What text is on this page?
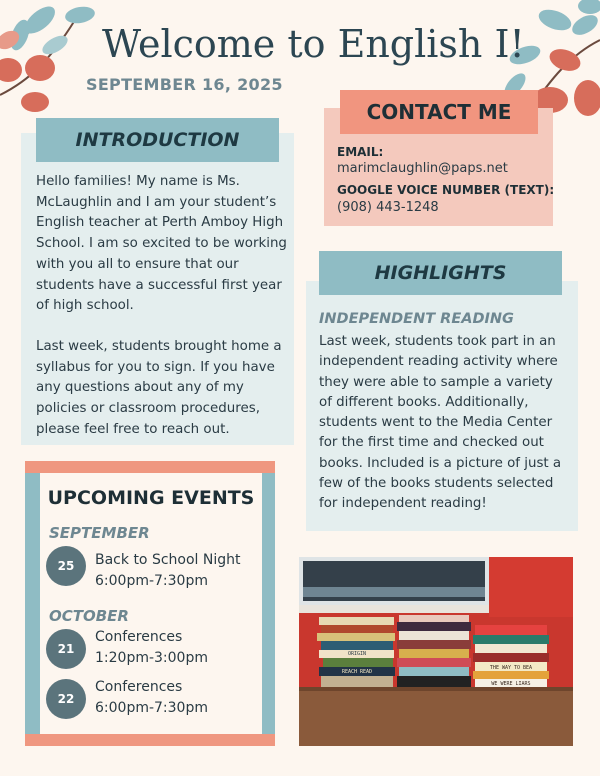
Welcome to English I!
SEPTEMBER 16, 2025
INTRODUCTION

Hello families! My name is Ms. McLaughlin and I am your student’s English teacher at Perth Amboy High School. I am so excited to be working with you all to ensure that our students have a successful first year of high school.

Last week, students brought home a syllabus for you to sign. If you have any questions about any of my policies or classroom procedures, please feel free to reach out.

CONTACT ME
EMAIL:
marimclaughlin@paps.net
GOOGLE VOICE NUMBER (TEXT):
(908) 443-1248
HIGHLIGHTS
INDEPENDENT READING
Last week, students took part in an independent reading activity where they were able to sample a variety of different books. Additionally, students went to the Media Center for the first time and checked out books. Included is a picture of just a few of the books students selected for independent reading!
UPCOMING EVENTS
SEPTEMBER
25	Back to School Night
6:00pm-7:30pm
OCTOBER
21
Conferences
1:20pm-3:00pm
22
Conferences
6:00pm-7:30pm
THE WAY TO BEA
WE WERE LIARS
REACH READ
ORIGIN
